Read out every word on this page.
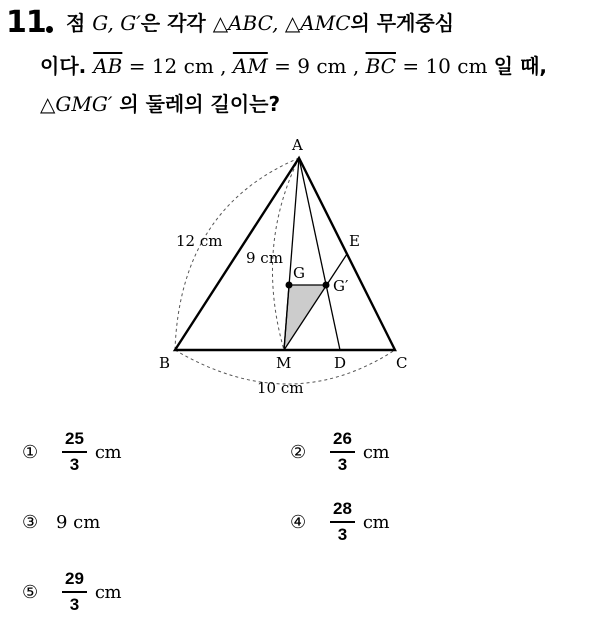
11 점 G, G′은 각각 △ABC, △AMC의 무게중심
이다. $\overline{AB} = 12$ cm , $\overline{AM} = 9$ cm , $\overline{BC} = 10$ cm 일 때,
△GMG′ 의 둘레의 길이는?
A
B	C
M	D
E
G
G′
12 cm
9 cm
10 cm
①	$\frac{25}{3}$ cm	②	$\frac{26}{3}$ cm
③ 9 cm	④	$\frac{28}{3}$ cm
⑤	$\frac{29}{3}$ cm
